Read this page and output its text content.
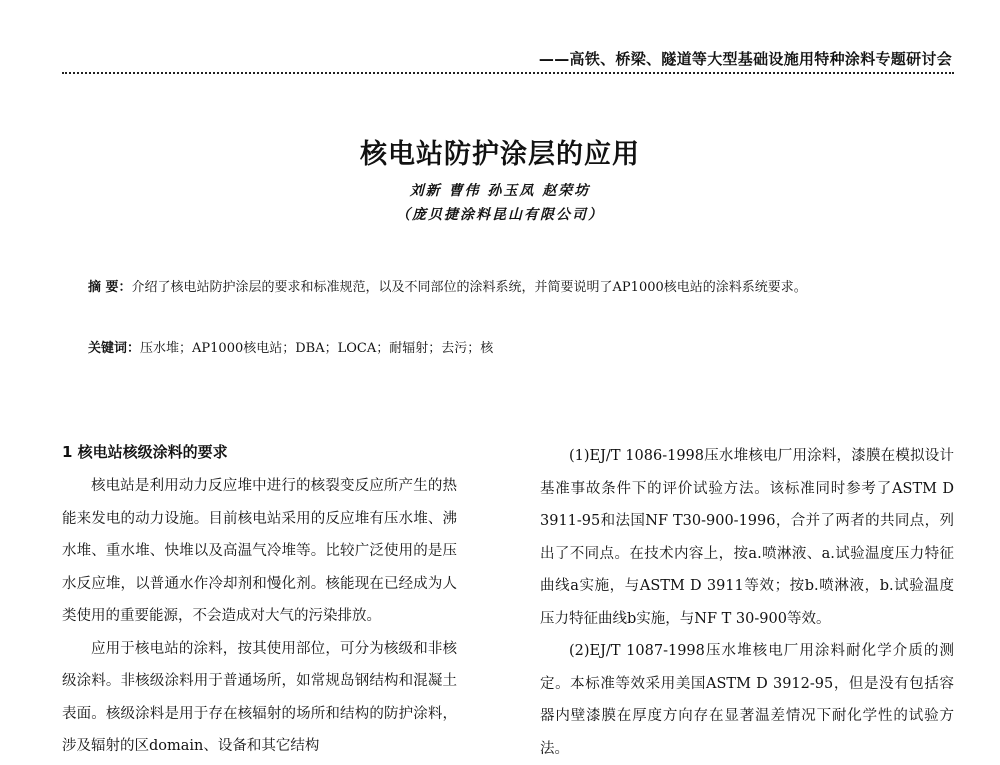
——高铁、桥梁、隧道等大型基础设施用特种涂料专题研讨会
核电站防护涂层的应用
刘新 曹伟 孙玉凤 赵荣坊
（庞贝捷涂料昆山有限公司）
摘 要：介绍了核电站防护涂层的要求和标准规范，以及不同部位的涂料系统，并简要说明了AP1000核电站的涂料系统要求。
关键词：压水堆；AP1000核电站；DBA；LOCA；耐辐射；去污；核
1 核电站核级涂料的要求

核电站是利用动力反应堆中进行的核裂变反应所产生的热能来发电的动力设施。目前核电站采用的反应堆有压水堆、沸水堆、重水堆、快堆以及高温气冷堆等。比较广泛使用的是压水反应堆，以普通水作冷却剂和慢化剂。核能现在已经成为人类使用的重要能源，不会造成对大气的污染排放。

应用于核电站的涂料，按其使用部位，可分为核级和非核级涂料。非核级涂料用于普通场所，如常规岛钢结构和混凝土表面。核级涂料是用于存在核辐射的场所和结构的防护涂料，涉及辐射的区domain、设备和其它结构

(1)EJ/T 1086-1998压水堆核电厂用涂料，漆膜在模拟设计基准事故条件下的评价试验方法。该标准同时参考了ASTM D 3911-95和法国NF T30-900-1996，合并了两者的共同点，列出了不同点。在技术内容上，按a.喷淋液、a.试验温度压力特征曲线a实施，与ASTM D 3911等效；按b.喷淋液，b.试验温度压力特征曲线b实施，与NF T 30-900等效。

(2)EJ/T 1087-1998压水堆核电厂用涂料耐化学介质的测定。本标准等效采用美国ASTM D 3912-95，但是没有包括容器内壁漆膜在厚度方向存在显著温差情况下耐化学性的试验方法。
